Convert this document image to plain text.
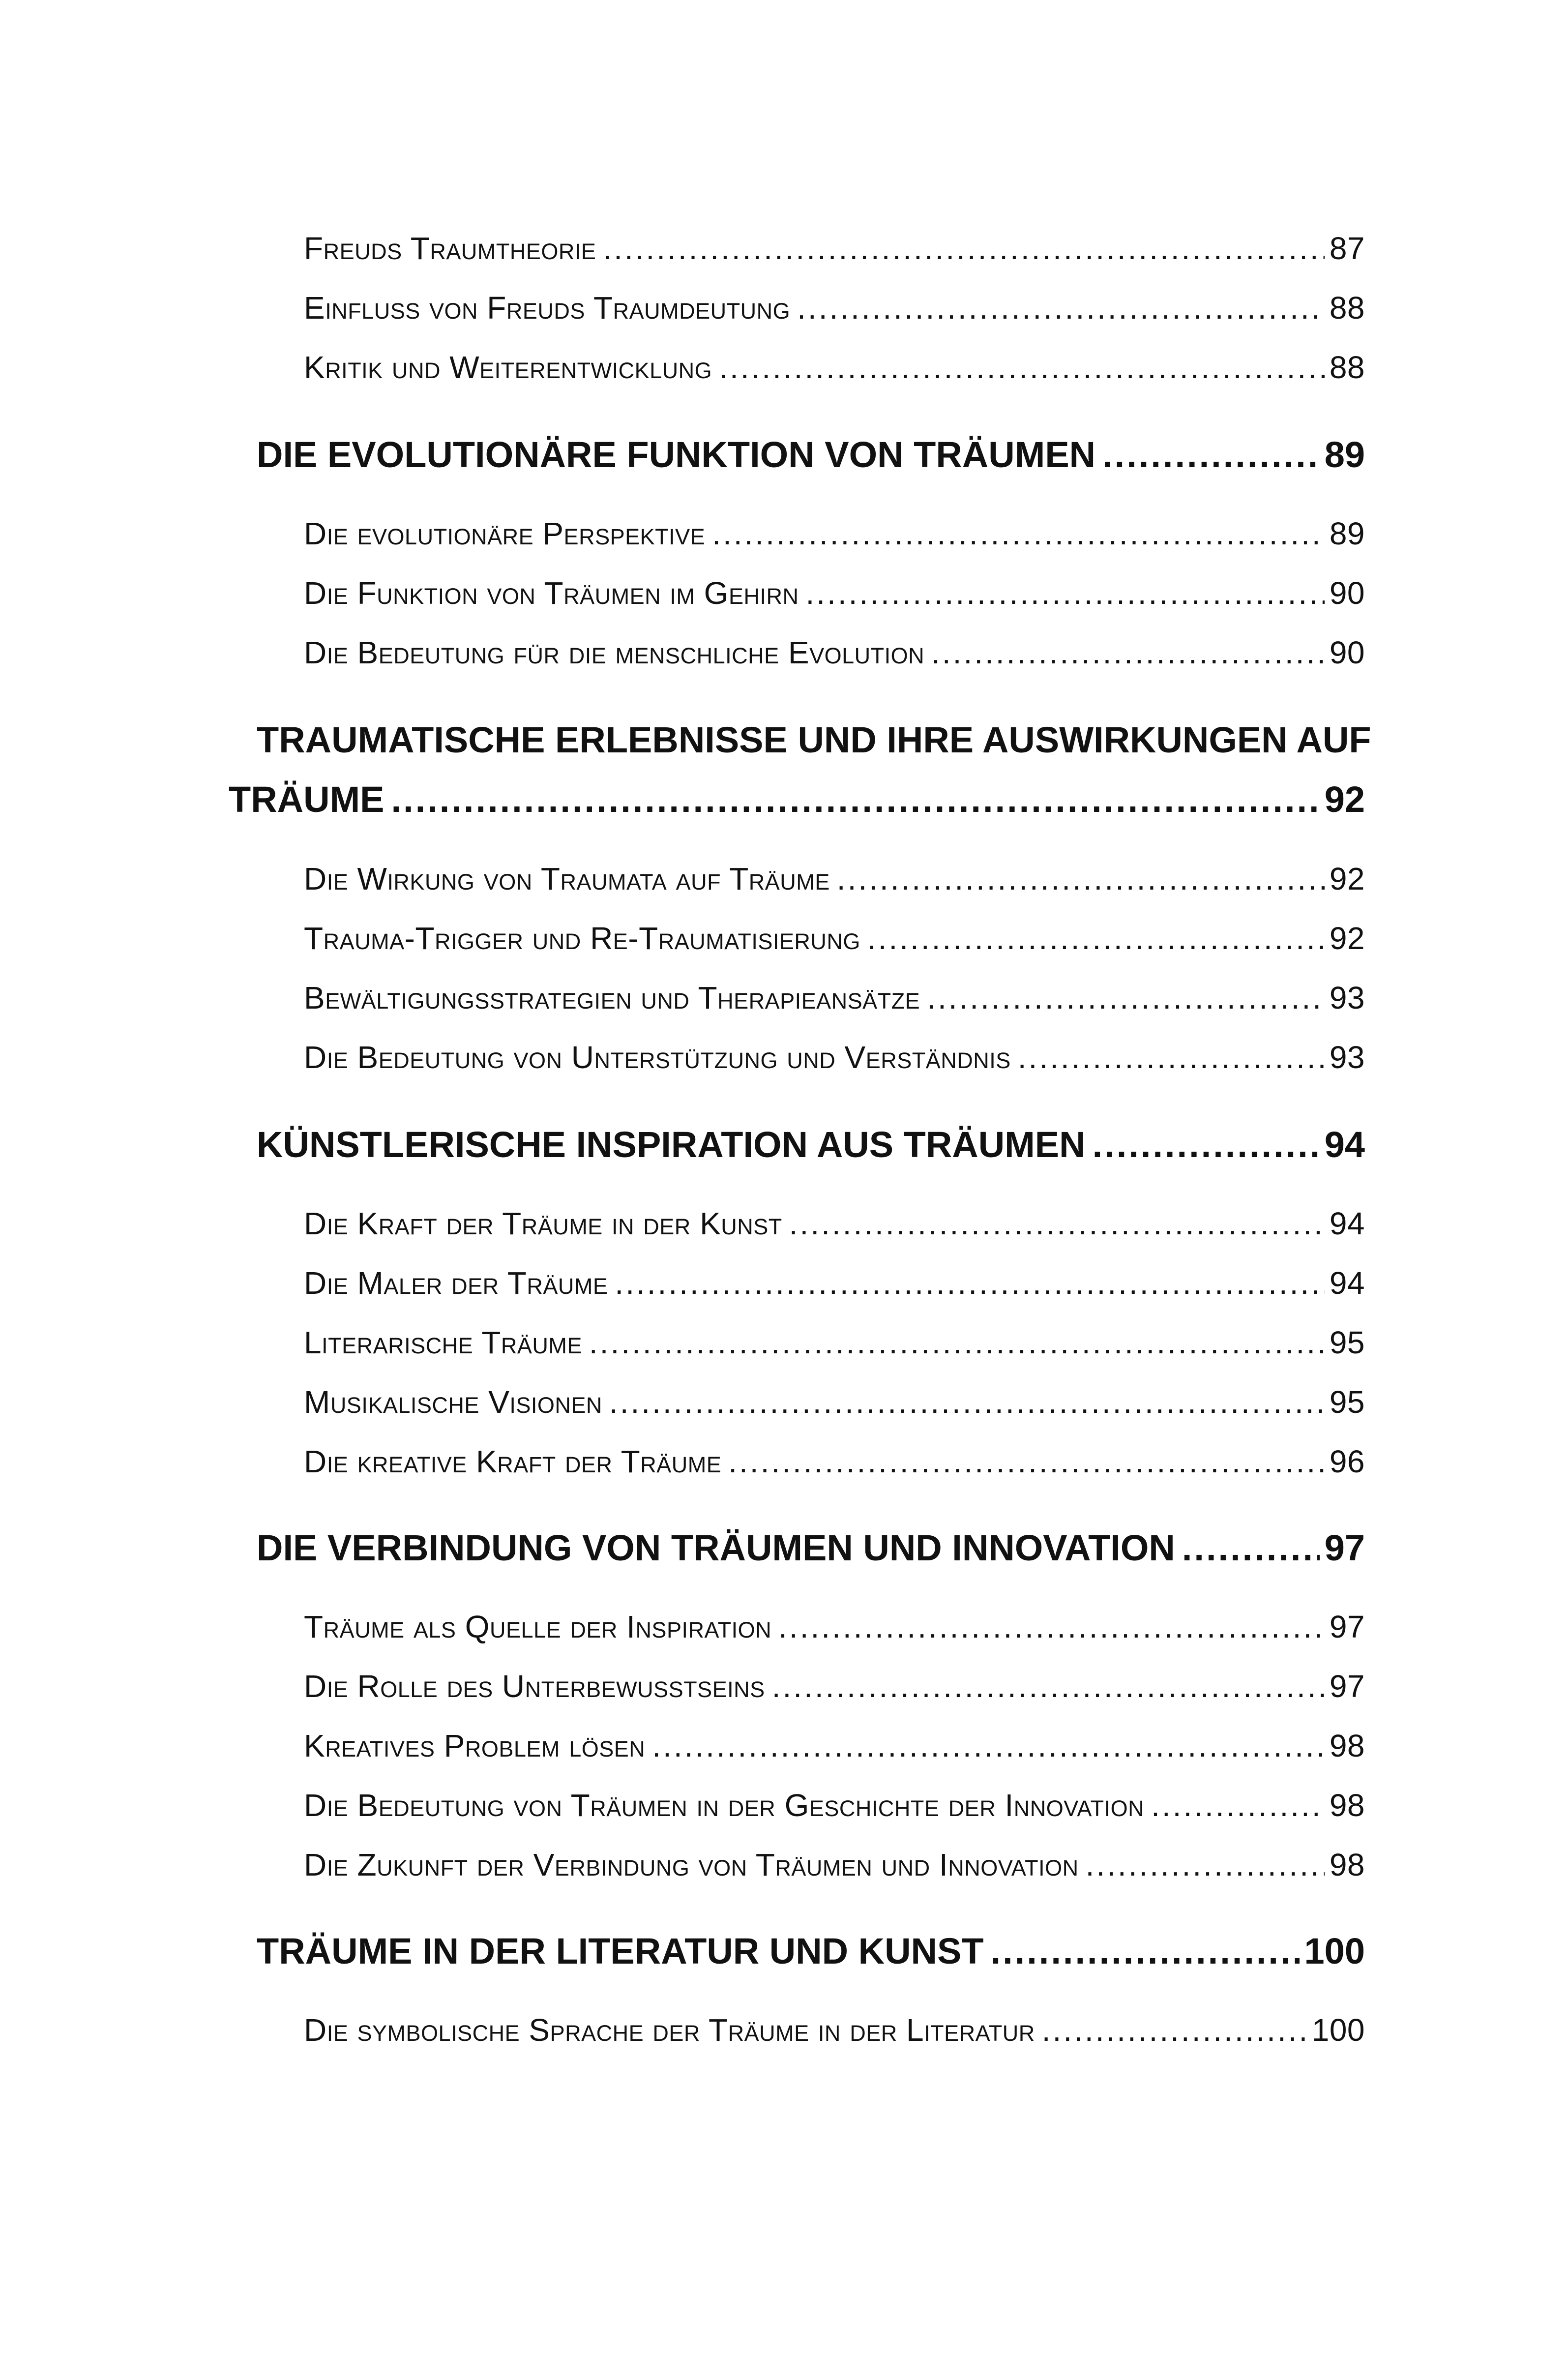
Freuds Traumtheorie .....	87
Einfluss von Freuds Traumdeutung .....	88
Kritik und Weiterentwicklung .....	88
DIE EVOLUTIONÄRE FUNKTION VON TRÄUMEN .....	89
Die evolutionäre Perspektive .....	89
Die Funktion von Träumen im Gehirn .....	90
Die Bedeutung für die menschliche Evolution .....	90
TRAUMATISCHE ERLEBNISSE UND IHRE AUSWIRKUNGEN AUF
TRÄUME .....	92
Die Wirkung von Traumata auf Träume .....	92
Trauma-Trigger und Re-Traumatisierung .....	92
Bewältigungsstrategien und Therapieansätze .....	93
Die Bedeutung von Unterstützung und Verständnis .....	93
KÜNSTLERISCHE INSPIRATION AUS TRÄUMEN .....	94
Die Kraft der Träume in der Kunst .....	94
Die Maler der Träume .....	94
Literarische Träume .....	95
Musikalische Visionen .....	95
Die kreative Kraft der Träume .....	96
DIE VERBINDUNG VON TRÄUMEN UND INNOVATION .....	97
Träume als Quelle der Inspiration .....	97
Die Rolle des Unterbewusstseins .....	97
Kreatives Problem lösen .....	98
Die Bedeutung von Träumen in der Geschichte der Innovation .....	98
Die Zukunft der Verbindung von Träumen und Innovation .....	98
TRÄUME IN DER LITERATUR UND KUNST .....	100
Die symbolische Sprache der Träume in der Literatur .....	100
